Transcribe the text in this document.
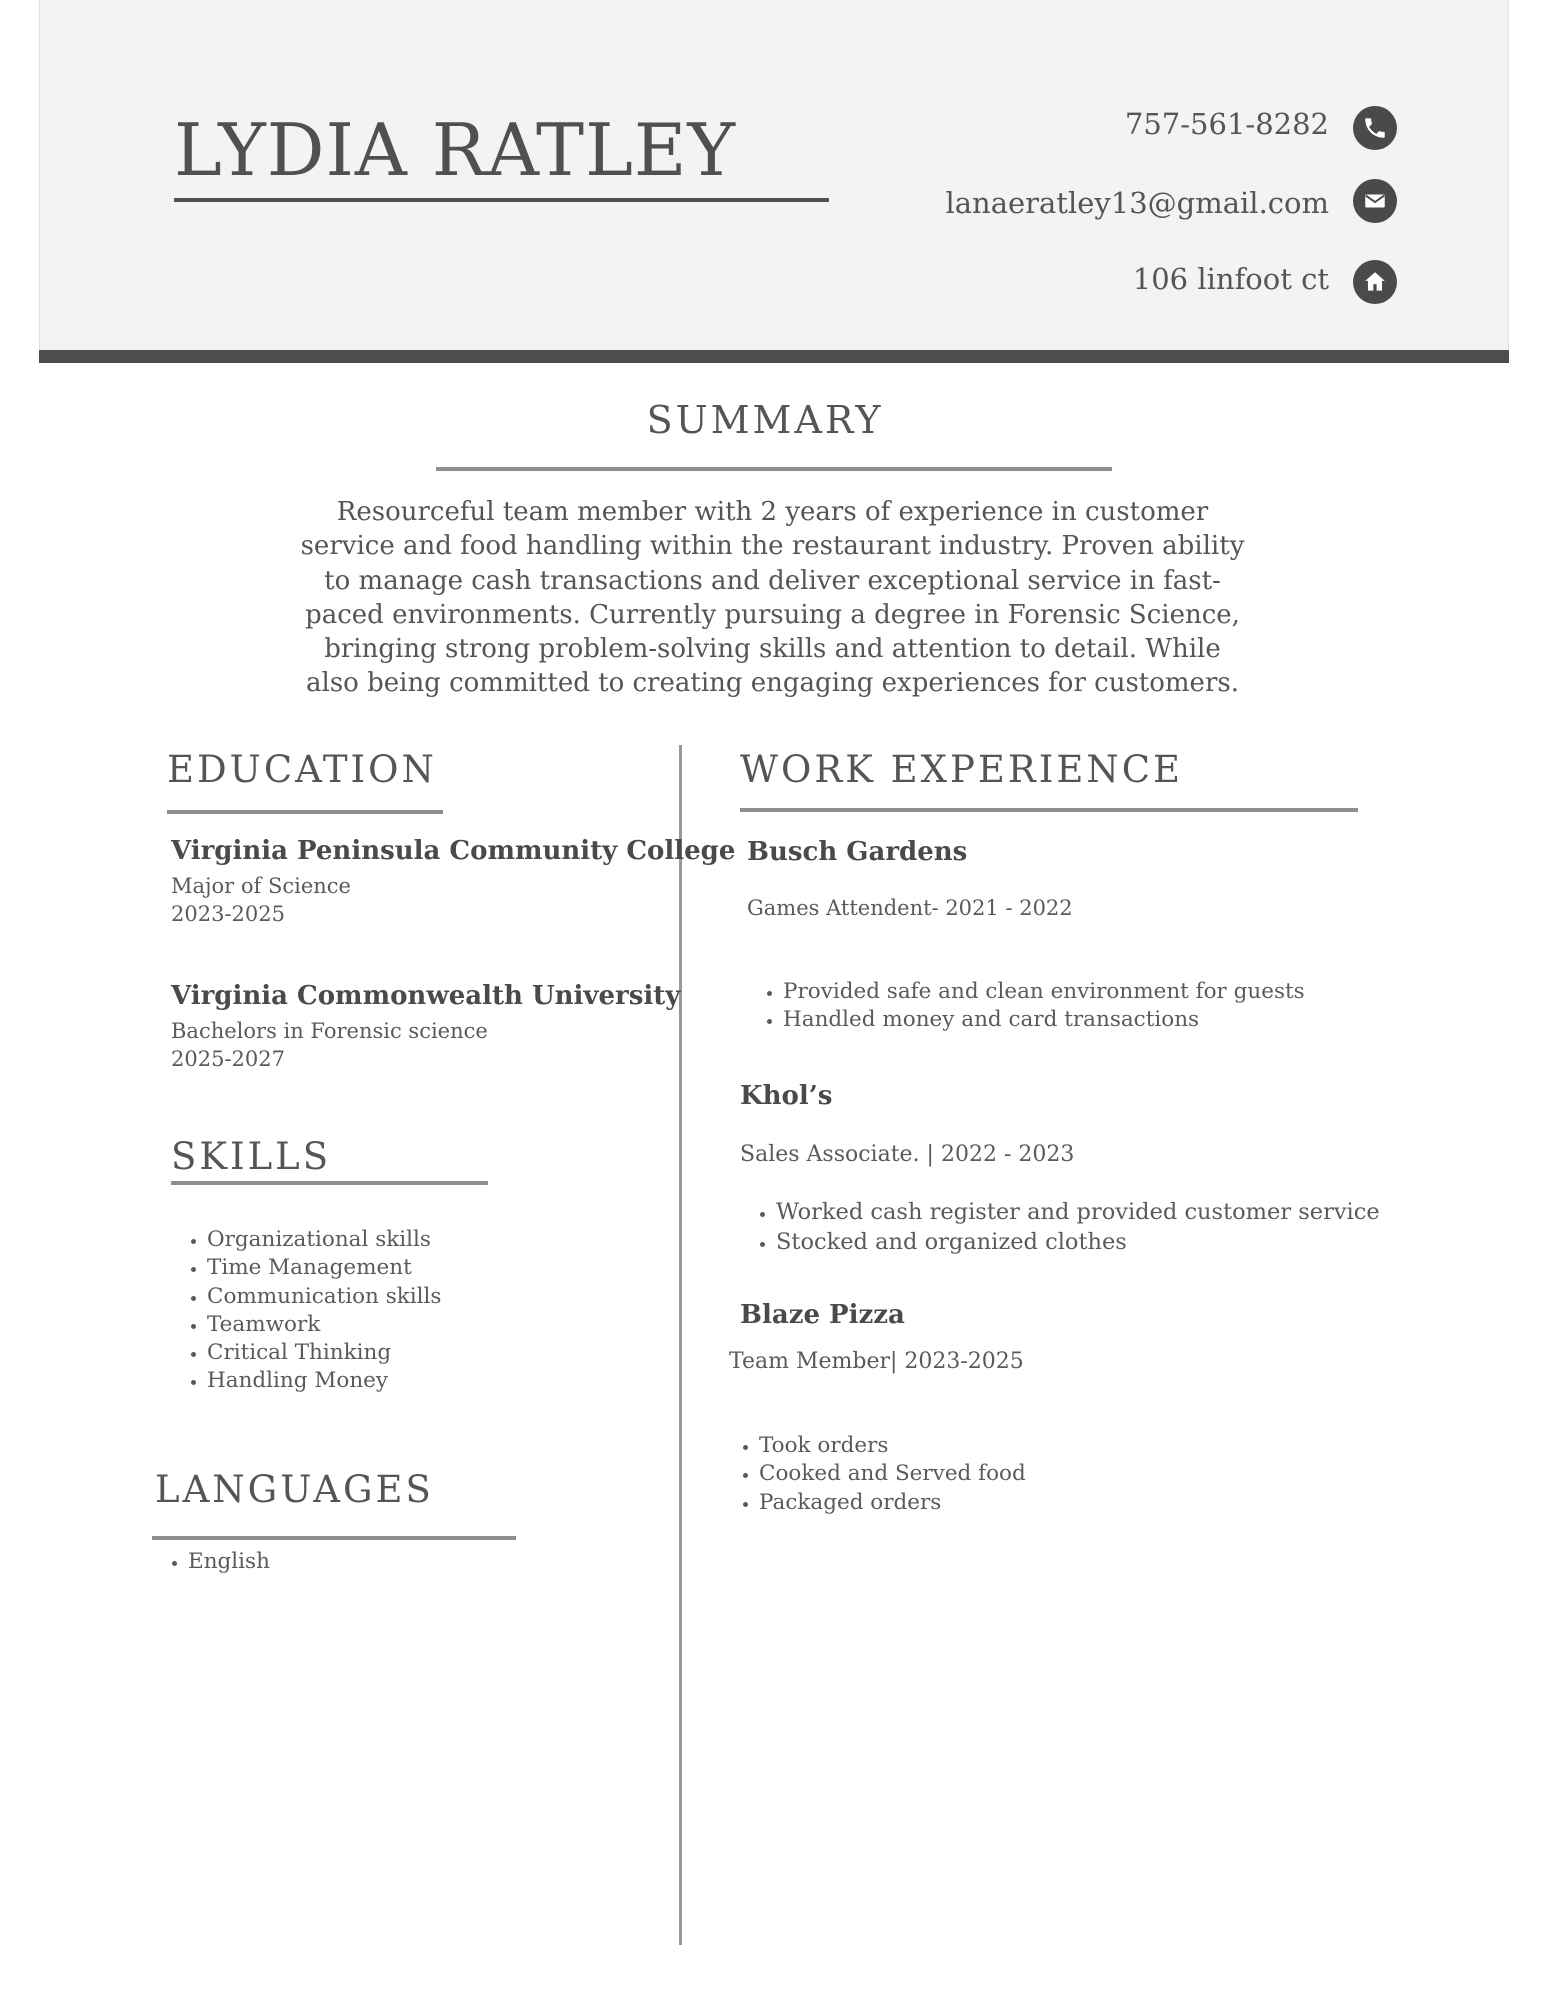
LYDIA RATLEY	757-561-8282
lanaeratley13@gmail.com
106 linfoot ct
SUMMARY

Resourceful team member with 2 years of experience in customer service and food handling within the restaurant industry. Proven ability to manage cash transactions and deliver exceptional service in fast-paced environments. Currently pursuing a degree in Forensic Science, bringing strong problem-solving skills and attention to detail. While also being committed to creating engaging experiences for customers.

EDUCATION
Virginia Peninsula Community College
Major of Science
2023-2025
Virginia Commonwealth University
Bachelors in Forensic science
2025-2027
SKILLS
• Organizational skills
• Time Management
• Communication skills
• Teamwork
• Critical Thinking
• Handling Money
LANGUAGES
• English
WORK EXPERIENCE
Busch Gardens
Games Attendent- 2021 - 2022
• Provided safe and clean environment for guests
• Handled money and card transactions
Khol’s
Sales Associate. | 2022 - 2023
• Worked cash register and provided customer service
• Stocked and organized clothes
Blaze Pizza
Team Member| 2023-2025
• Took orders
• Cooked and Served food
• Packaged orders
